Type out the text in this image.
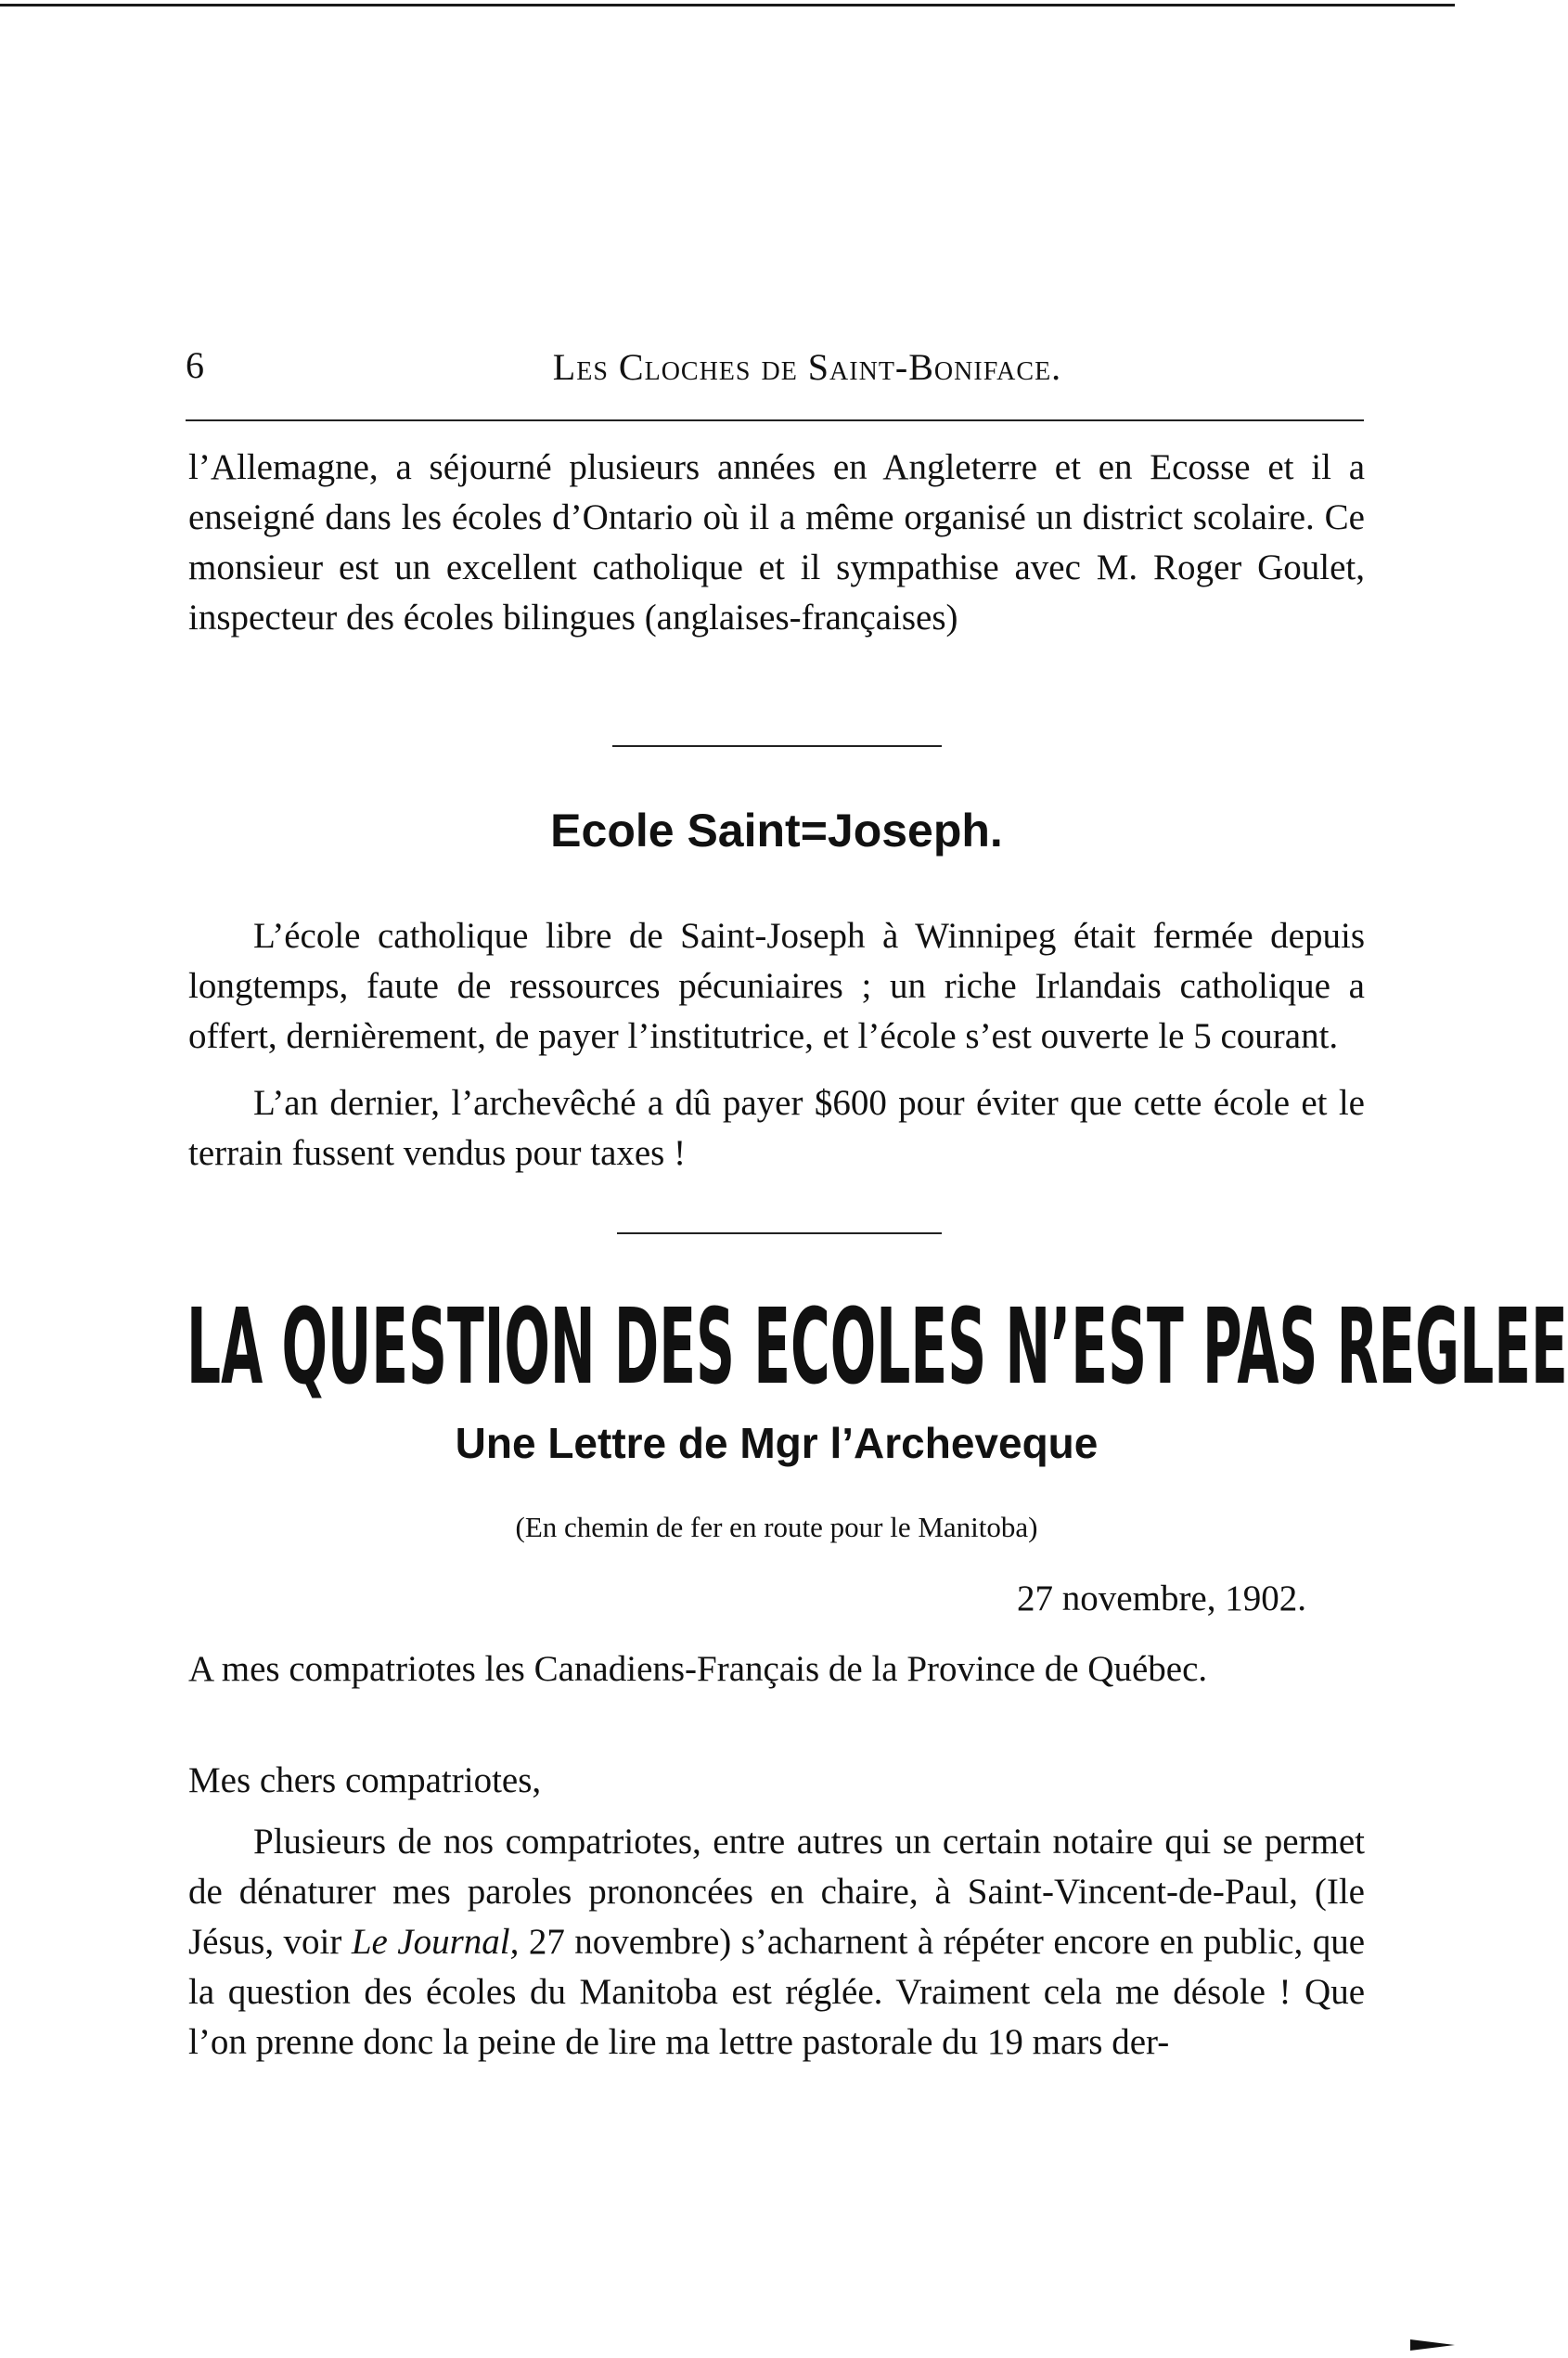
6	Les Cloches de Saint-Boniface.

l’Allemagne, a séjourné plusieurs années en Angleterre et en Ecosse et il a enseigné dans les écoles d’Ontario où il a même organisé un district scolaire. Ce monsieur est un excellent catholique et il sympathise avec M. Roger Goulet, inspecteur des écoles bilingues (anglaises-françaises)

Ecole Saint=Joseph.

L’école catholique libre de Saint-Joseph à Winnipeg était fermée depuis longtemps, faute de ressources pécuniaires ; un riche Irlandais catholique a offert, dernièrement, de payer l’institutrice, et l’école s’est ouverte le 5 courant.

L’an dernier, l’archevêché a dû payer $600 pour éviter que cette école et le terrain fussent vendus pour taxes !

LA QUESTION DES ECOLES N’EST PAS REGLEE
Une Lettre de Mgr l’Archeveque

(En chemin de fer en route pour le Manitoba)

27 novembre, 1902.

A mes compatriotes les Canadiens-Français de la Province de Québec.

Mes chers compatriotes,

Plusieurs de nos compatriotes, entre autres un certain notaire qui se permet de dénaturer mes paroles prononcées en chaire, à Saint-Vincent-de-Paul, (Ile Jésus, voir Le Journal, 27 novembre) s’acharnent à répéter encore en public, que la question des écoles du Manitoba est réglée. Vraiment cela me désole ! Que l’on prenne donc la peine de lire ma lettre pastorale du 19 mars der-
